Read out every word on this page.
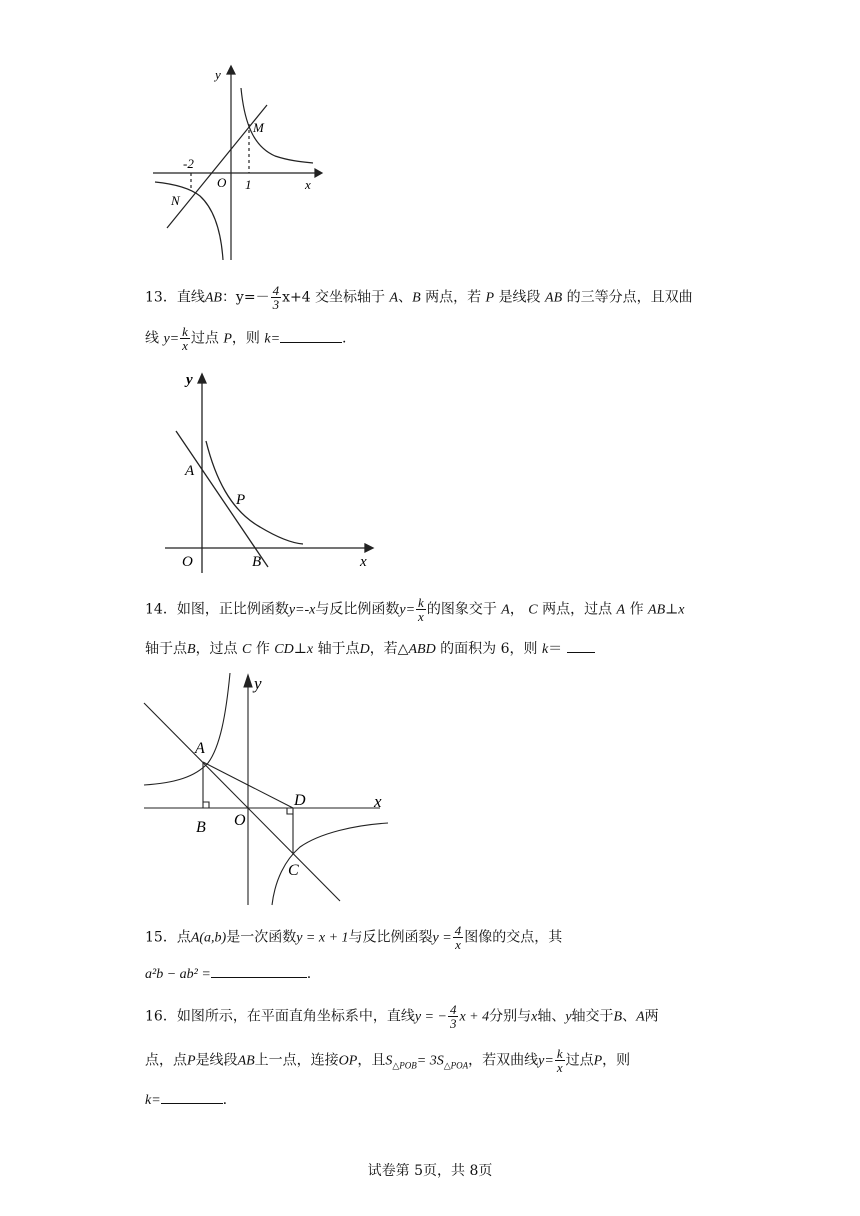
y
M
-2
O 1	x
N
13．直线AB：$y=- \frac{4}{3} x+4$ 交坐标轴于 A、B 两点，若 P 是线段 AB 的三等分点，且双曲
线 $y= \frac{k}{x}$ 过点 P，则 k=	.
y
A
P
O	B	x
14．如图，正比例函数y=-x与反比例函数$y= \frac{k}{x}$ 的图象交于 A， C 两点，过点 A 作 AB⊥x
轴于点B，过点 C 作 CD⊥x 轴于点D，若△ABD 的面积为 6，则 k＝
y
A
D	x
B O
C
15．点A(a,b)是一次函数y = x + 1与反比例函裂$y = \frac{4}{x}$ 图像的交点，其
a²b − ab² =	.
16．如图所示，在平面直角坐标系中，直线y = − $\frac{4}{3}$ x + 4分别与x轴、y轴交于B、A两
点，点P是线段AB上一点，连接OP，且$S_{\triangle POB}= 3S_{\triangle POA}$，若双曲线$y= \frac{k}{x}$ 过点P，则
k=	.
试卷第 5页，共 8页
